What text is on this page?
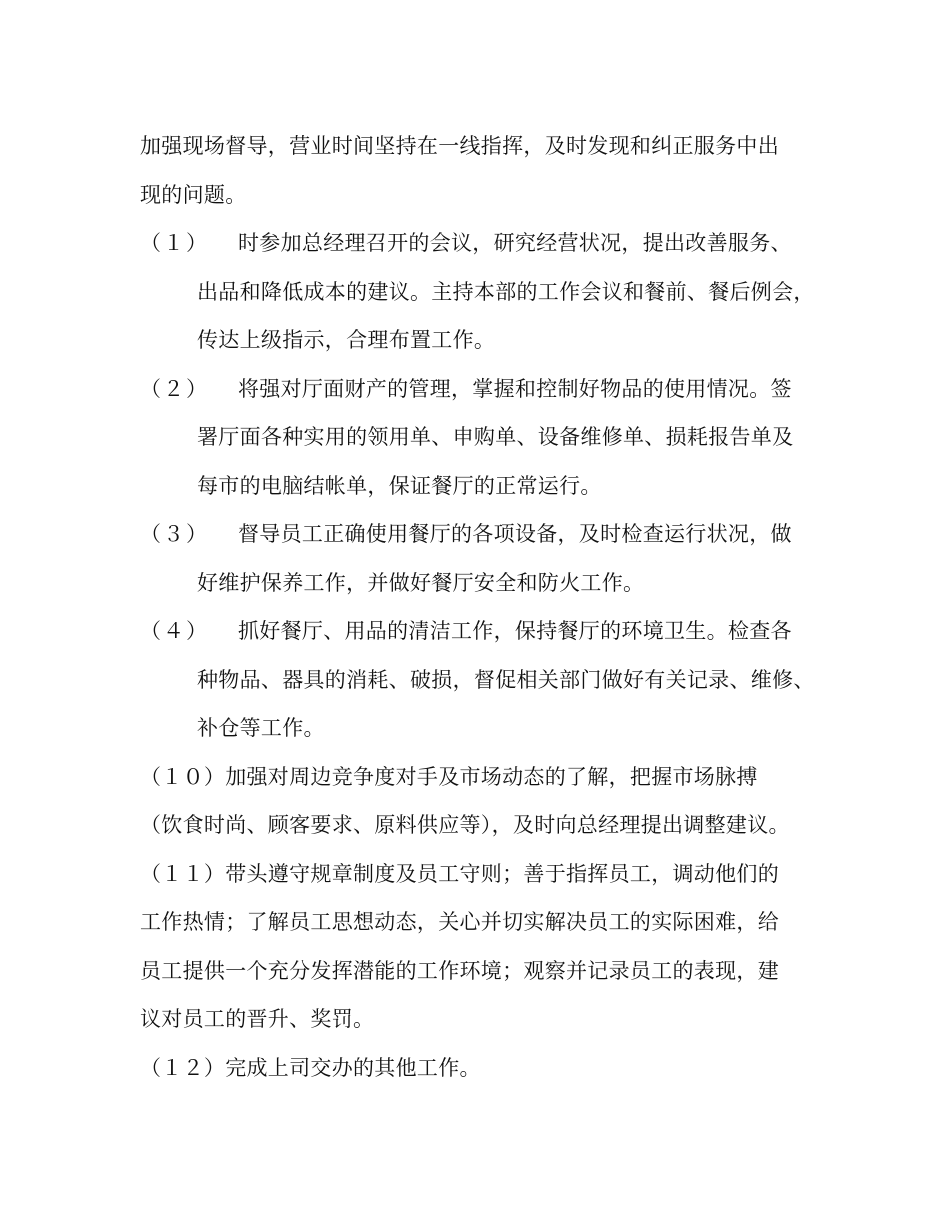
加强现场督导，营业时间坚持在一线指挥，及时发现和纠正服务中出
现的问题。
（１） 时参加总经理召开的会议，研究经营状况，提出改善服务、
出品和降低成本的建议。主持本部的工作会议和餐前、餐后例会，
传达上级指示，合理布置工作。
（２） 将强对厅面财产的管理，掌握和控制好物品的使用情况。签
署厅面各种实用的领用单、申购单、设备维修单、损耗报告单及
每市的电脑结帐单，保证餐厅的正常运行。
（３） 督导员工正确使用餐厅的各项设备，及时检查运行状况，做
好维护保养工作，并做好餐厅安全和防火工作。
（４） 抓好餐厅、用品的清洁工作，保持餐厅的环境卫生。检查各
种物品、器具的消耗、破损，督促相关部门做好有关记录、维修、
补仓等工作。
（１０）加强对周边竞争度对手及市场动态的了解，把握市场脉搏
（饮食时尚、顾客要求、原料供应等），及时向总经理提出调整建议。
（１１）带头遵守规章制度及员工守则；善于指挥员工，调动他们的
工作热情；了解员工思想动态，关心并切实解决员工的实际困难，给
员工提供一个充分发挥潜能的工作环境；观察并记录员工的表现，建
议对员工的晋升、奖罚。
（１２）完成上司交办的其他工作。
